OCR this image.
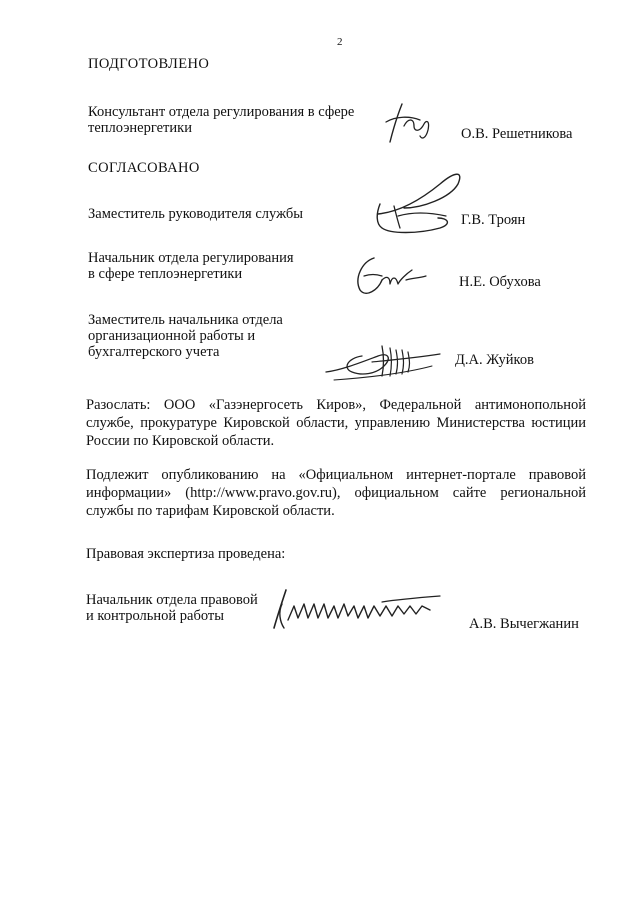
2
ПОДГОТОВЛЕНО
Консультант отдела регулирования в сфере
теплоэнергетики	О.В. Решетникова
СОГЛАСОВАНО
Заместитель руководителя службы	Г.В. Троян
Начальник отдела регулирования
в сфере теплоэнергетики	Н.Е. Обухова
Заместитель начальника отдела
организационной работы и
бухгалтерского учета	Д.А. Жуйков
Разослать: ООО «Газэнергосеть Киров», Федеральной антимонопольной службе, прокуратуре Кировской области, управлению Министерства юстиции России по Кировской области.
Подлежит опубликованию на «Официальном интернет-портале правовой информации» (http://www.pravo.gov.ru), официальном сайте региональной службы по тарифам Кировской области.
Правовая экспертиза проведена:
Начальник отдела правовой
и контрольной работы	А.В. Вычегжанин
